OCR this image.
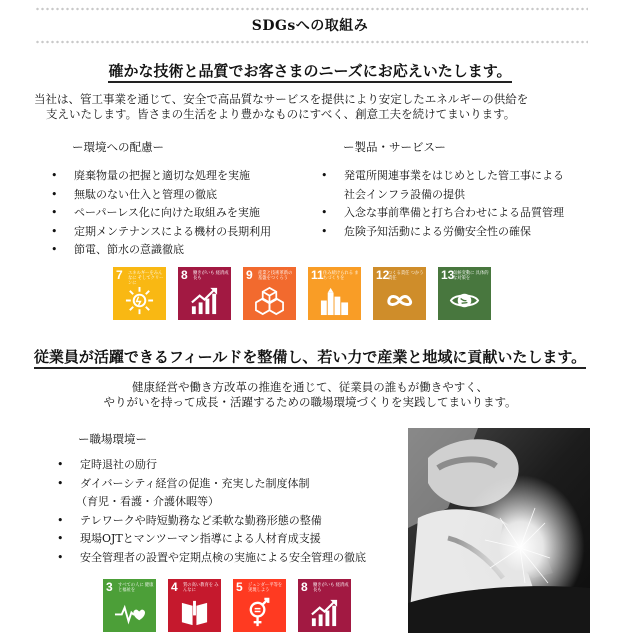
SDGsへの取組み
確かな技術と品質でお客さまのニーズにお応えいたします。
当社は、管工事業を通じて、安全で高品質なサービスを提供により安定したエネルギーの供給を
支えいたします。皆さまの生活をより豊かなものにすべく、創意工夫を続けてまいります。
ー環境への配慮ー
• 廃棄物量の把握と適切な処理を実施
• 無駄のない仕入と管理の徹底
• ペーパーレス化に向けた取組みを実施
• 定期メンテナンスによる機材の長期利用
• 節電、節水の意識徹底
ー製品・サービスー
• 発電所関連事業をはじめとした管工事による
社会インフラ設備の提供
• 入念な事前準備と打ち合わせによる品質管理
• 危険予知活動による労働安全性の確保
7 エネルギーをみんなに そしてクリーンに
8 働きがいも 経済成長も	9 産業と技術革新の 基盤をつくろう	11 住み続けられる まちづくりを	12
つくる責任 つかう責任	13
気候変動に 具体的な対策を
従業員が活躍できるフィールドを整備し、若い力で産業と地域に貢献いたします。
健康経営や働き方改革の推進を通じて、従業員の誰もが働きやすく、
やりがいを持って成長・活躍するための職場環境づくりを実践してまいります。
ー職場環境ー
• 定時退社の励行
• ダイバーシティ経営の促進・充実した制度体制
（育児・看護・介護休暇等）
• テレワークや時短勤務など柔軟な勤務形態の整備
• 現場OJTとマンツーマン指導による人材育成支援
• 安全管理者の設置や定期点検の実施による安全管理の徹底
3 すべての人に 健康と福祉を	4 質の高い教育を みんなに	5 ジェンダー平等を 実現しよう	8 働きがいも 経済成長も
